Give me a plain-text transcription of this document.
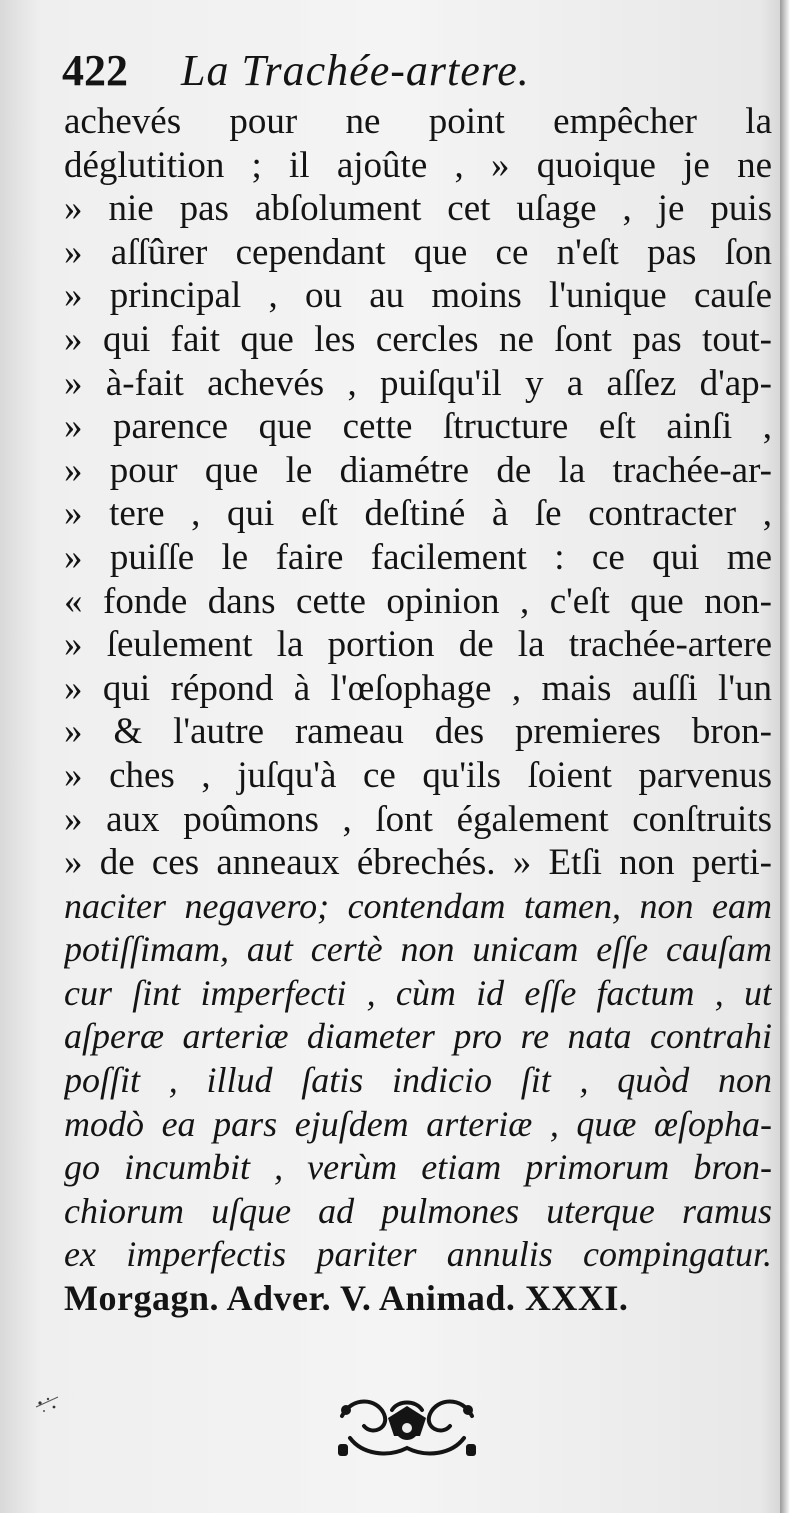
422 La Trachée-artere.
achevés pour ne point empêcher la
déglutition ; il ajoûte , » quoique je ne
» nie pas abſolument cet uſage , je puis
» aſſûrer cependant que ce n'eſt pas ſon
» principal , ou au moins l'unique cauſe
» qui fait que les cercles ne ſont pas tout-
» à-fait achevés , puiſqu'il y a aſſez d'ap-
» parence que cette ſtructure eſt ainſi ,
» pour que le diamétre de la trachée-ar-
» tere , qui eſt deſtiné à ſe contracter ,
» puiſſe le faire facilement : ce qui me
« fonde dans cette opinion , c'eſt que non-
» ſeulement la portion de la trachée-artere
» qui répond à l'œſophage , mais auſſi l'un
» & l'autre rameau des premieres bron-
» ches , juſqu'à ce qu'ils ſoient parvenus
» aux poûmons , ſont également conſtruits
» de ces anneaux ébrechés. » Etſi non perti-
naciter negavero; contendam tamen, non eam
potiſſimam, aut certè non unicam eſſe cauſam
cur ſint imperfecti , cùm id eſſe factum , ut
aſperæ arteriæ diameter pro re nata contrahi
poſſit , illud ſatis indicio ſit , quòd non
modò ea pars ejuſdem arteriæ , quæ œſopha-
go incumbit , verùm etiam primorum bron-
chiorum uſque ad pulmones uterque ramus
ex imperfectis pariter annulis compingatur.
Morgagn. Adver. V. Animad. XXXI.
